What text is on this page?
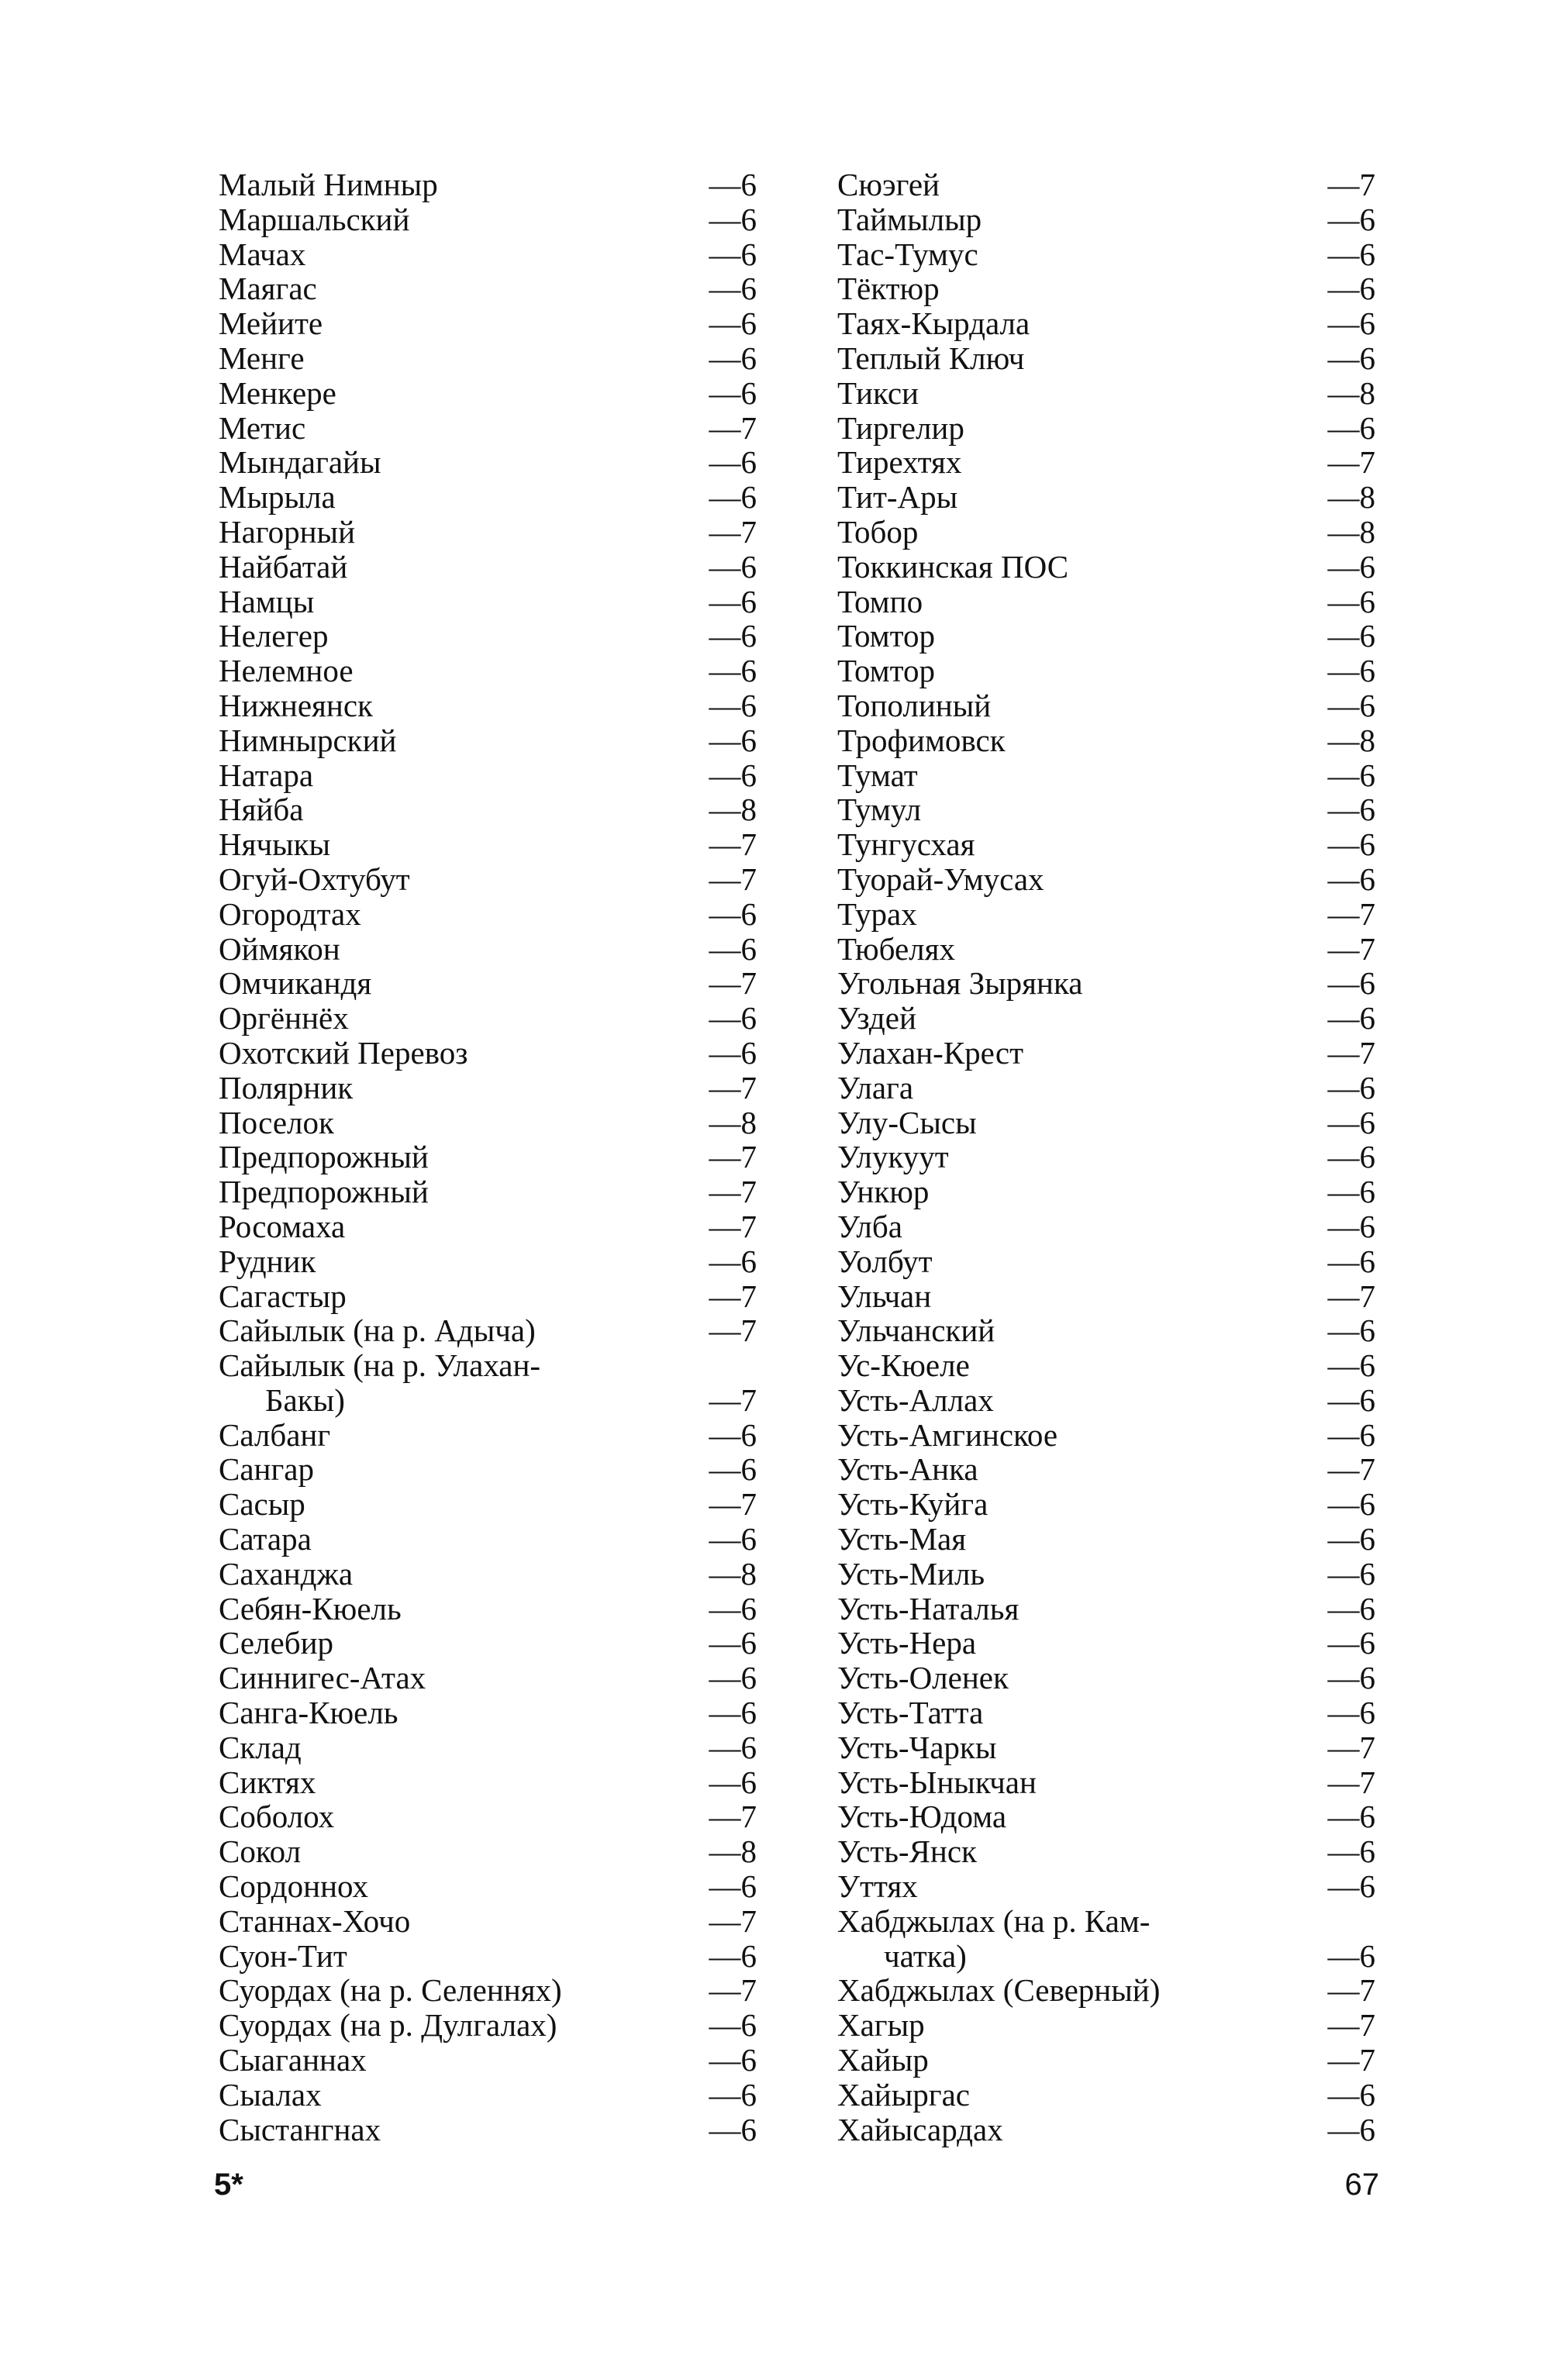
Малый Нимныр	—6
Маршальский	—6
Мачах	—6
Маягас	—6
Мейите	—6
Менге	—6
Менкере	—6
Метис	—7
Мындагайы	—6
Мырыла	—6
Нагорный	—7
Найбатай	—6
Намцы	—6
Нелегер	—6
Нелемное	—6
Нижнеянск	—6
Нимнырский	—6
Натара	—6
Няйба	—8
Нячыкы	—7
Огуй-Охтубут	—7
Огородтах	—6
Оймякон	—6
Омчикандя	—7
Оргённёх	—6
Охотский Перевоз	—6
Полярник	—7
Поселок	—8
Предпорожный	—7
Предпорожный	—7
Росомаха	—7
Рудник	—6
Сагастыр	—7
Сайылык (на р. Адыча)	—7
Сайылык (на р. Улахан-
Бакы)	—7
Салбанг	—6
Сангар	—6
Сасыр	—7
Сатара	—6
Саханджа	—8
Себян-Кюель	—6
Селебир	—6
Синнигес-Атах	—6
Санга-Кюель	—6
Склад	—6
Сиктях	—6
Соболох	—7
Сокол	—8
Сордоннох	—6
Станнах-Хочо	—7
Суон-Тит	—6
Суордах (на р. Селеннях)	—7
Суордах (на р. Дулгалах)	—6
Сыаганнах	—6
Сыалах	—6
Сыстангнах	—6
Сюэгей	—7
Таймылыр	—6
Тас-Тумус	—6
Тёктюр	—6
Таях-Кырдала	—6
Теплый Ключ	—6
Тикси	—8
Тиргелир	—6
Тирехтях	—7
Тит-Ары	—8
Тобор	—8
Токкинская ПОС	—6
Томпо	—6
Томтор	—6
Томтор	—6
Тополиный	—6
Трофимовск	—8
Тумат	—6
Тумул	—6
Тунгусхая	—6
Туорай-Умусах	—6
Турах	—7
Тюбелях	—7
Угольная Зырянка	—6
Уздей	—6
Улахан-Крест	—7
Улага	—6
Улу-Сысы	—6
Улукуут	—6
Ункюр	—6
Улба	—6
Уолбут	—6
Ульчан	—7
Ульчанский	—6
Ус-Кюеле	—6
Усть-Аллах	—6
Усть-Амгинское	—6
Усть-Анка	—7
Усть-Куйга	—6
Усть-Мая	—6
Усть-Миль	—6
Усть-Наталья	—6
Усть-Нера	—6
Усть-Оленек	—6
Усть-Татта	—6
Усть-Чаркы	—7
Усть-Ыныкчан	—7
Усть-Юдома	—6
Усть-Янск	—6
Уттях	—6
Хабджылах (на р. Кам-
чатка)	—6
Хабджылах (Северный)	—7
Хагыр	—7
Хайыр	—7
Хайыргас	—6
Хайысардах	—6
5*	67
